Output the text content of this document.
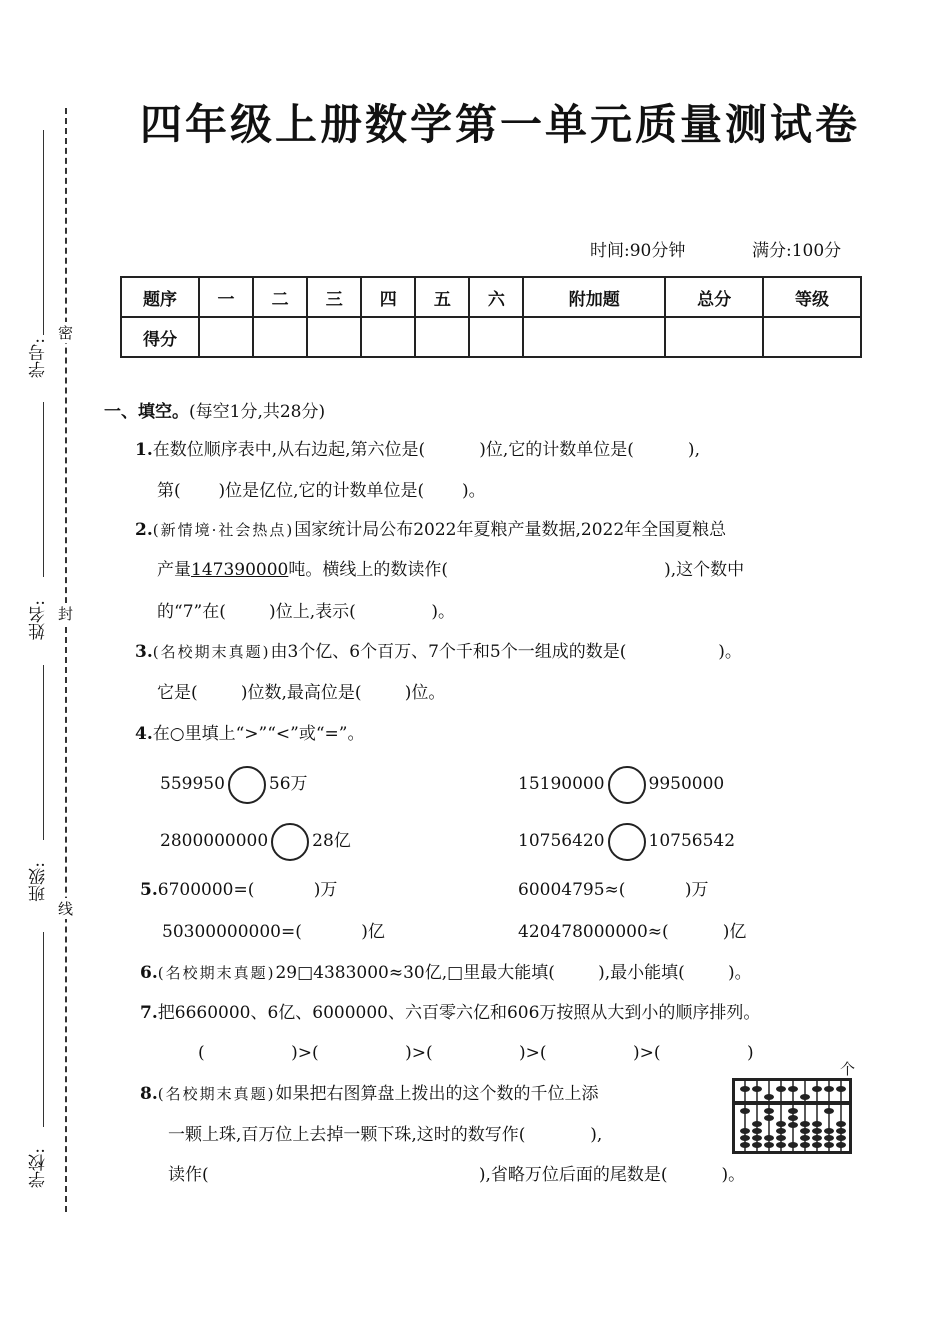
学号:
姓名:
班级:
学校:
密
封
线
四年级上册数学第一单元质量测试卷
时间:90分钟	满分:100分
题序	一	二	三	四	五	六	附加题	总分	等级
得分									
一、填空。(每空1分,共28分)
1.在数位顺序表中,从右边起,第六位是(          )位,它的计数单位是(          ),
第(       )位是亿位,它的计数单位是(       )。
2.(新情境·社会热点)国家统计局公布2022年夏粮产量数据,2022年全国夏粮总
产量147390000吨。横线上的数读作(                                        ),这个数中
的“7”在(        )位上,表示(              )。
3.(名校期末真题)由3个亿、6个百万、7个千和5个一组成的数是(                 )。
它是(        )位数,最高位是(        )位。
4.在○里填上“>”“<”或“=”。
559950	56万	15190000	9950000
2800000000	28亿	10756420	10756542
5.6700000=(           )万	60004795≈(           )万
50300000000=(           )亿	420478000000≈(          )亿
6.(名校期末真题)29□4383000≈30亿,□里最大能填(        ),最小能填(        )。
7.把6660000、6亿、6000000、六百零六亿和606万按照从大到小的顺序排列。
(                )>(                )>(                )>(                )>(                )
8.(名校期末真题)如果把右图算盘上拨出的这个数的千位上添
一颗上珠,百万位上去掉一颗下珠,这时的数写作(            ),
读作(                                                  ),省略万位后面的尾数是(          )。
个
